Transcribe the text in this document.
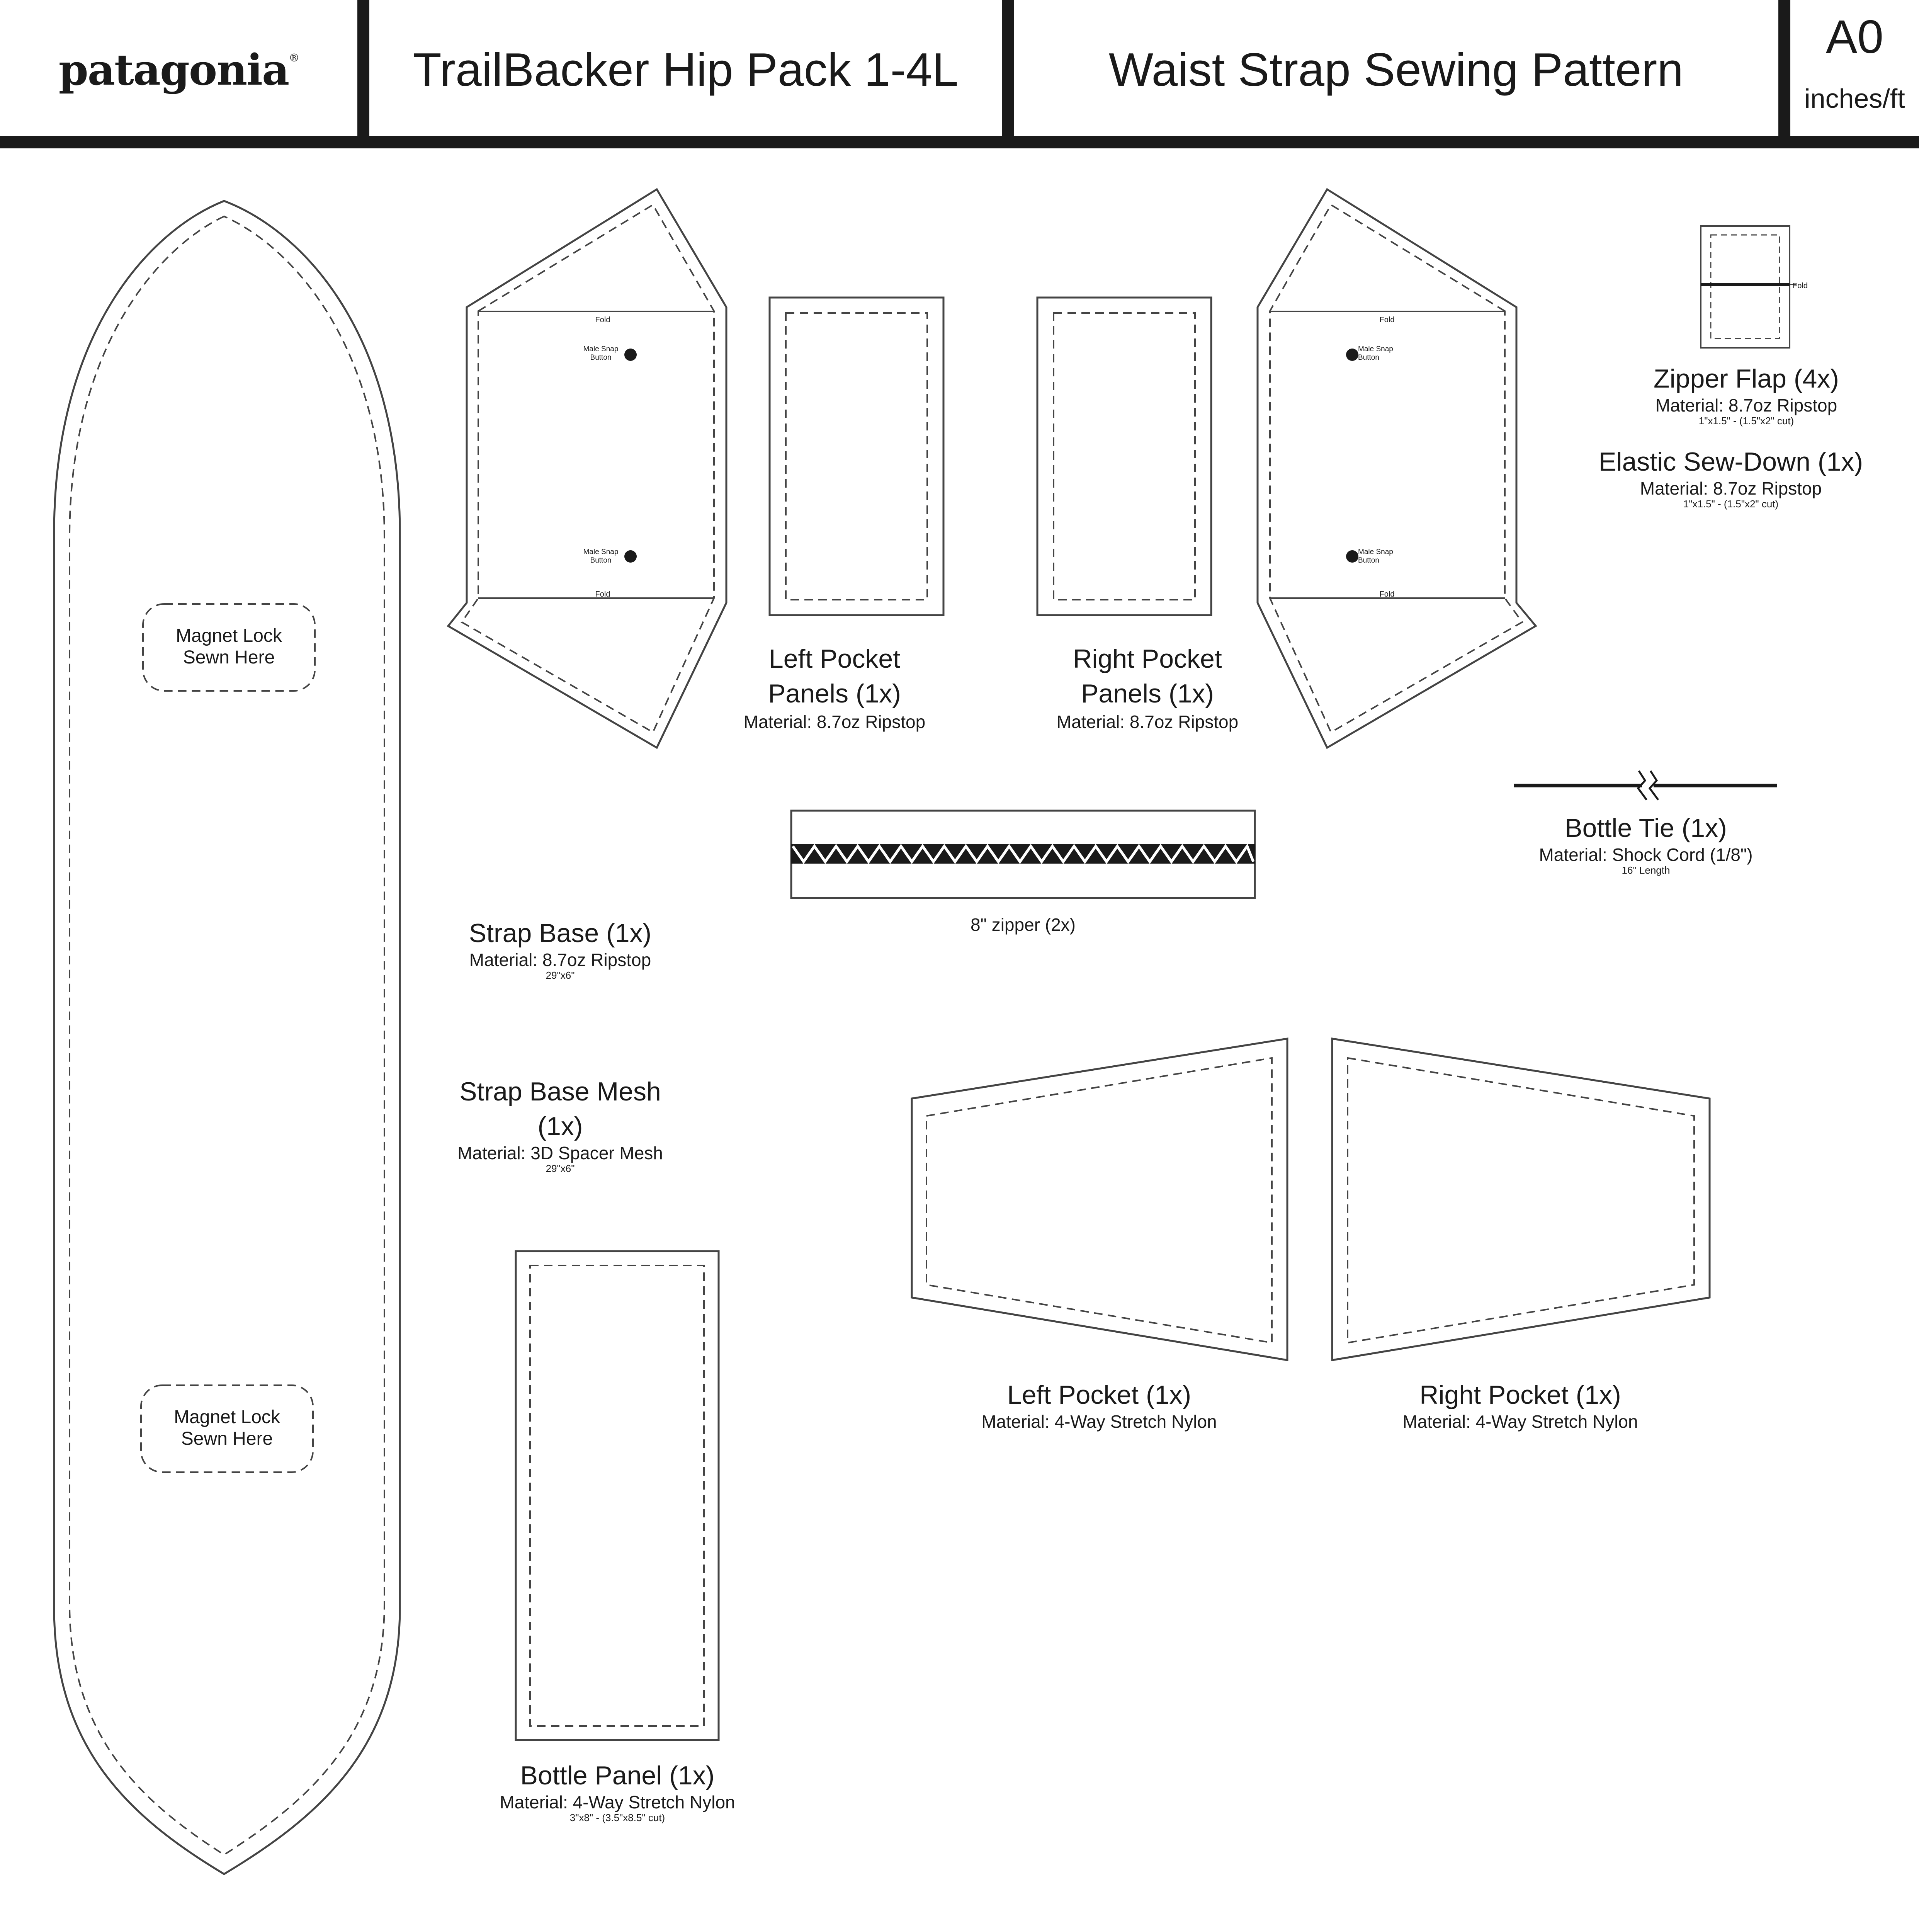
patagonia® TrailBacker Hip Pack 1-4L	Waist Strap Sewing Pattern
A0
inches/ft
Magnet Lock
Sewn Here
Magnet Lock
Sewn Here
Fold
Male Snap
Button
Male Snap
Button
Fold
Fold
Male Snap
Button
Male Snap
Button
Fold
Fold
Left Pocket
Panels (1x)
Material: 8.7oz Ripstop
Right Pocket
Panels (1x)
Material: 8.7oz Ripstop
Zipper Flap (4x)
Material: 8.7oz Ripstop
1"x1.5" - (1.5"x2" cut)
Elastic Sew-Down (1x)
Material: 8.7oz Ripstop
1"x1.5" - (1.5"x2" cut)
Bottle Tie (1x)
Material: Shock Cord (1/8")
16" Length
8" zipper (2x)
Strap Base (1x)
Material: 8.7oz Ripstop
29"x6"
Strap Base Mesh
(1x)
Material: 3D Spacer Mesh
29"x6"
Left Pocket (1x)
Material: 4-Way Stretch Nylon
Right Pocket (1x)
Material: 4-Way Stretch Nylon
Bottle Panel (1x)
Material: 4-Way Stretch Nylon
3"x8" - (3.5"x8.5" cut)
